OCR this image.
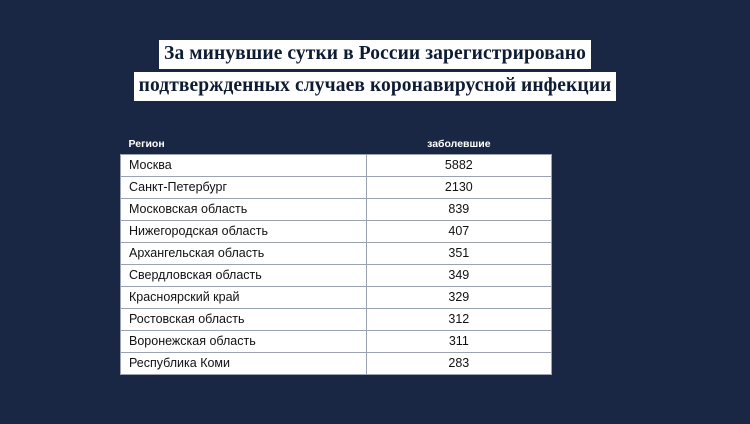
За минувшие сутки в России зарегистрировано подтвержденных случаев коронавирусной инфекции
Регион	заболевшие
Москва	5882
Санкт-Петербург	2130
Московская область	839
Нижегородская область	407
Архангельская область	351
Свердловская область	349
Красноярский край	329
Ростовская область	312
Воронежская область	311
Республика Коми	283
